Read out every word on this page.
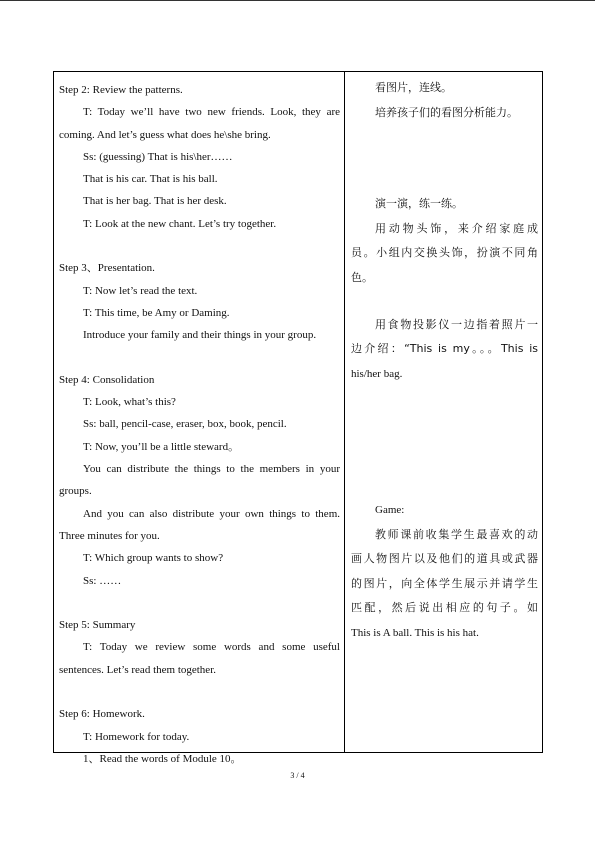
Step 2: Review the patterns.
T: Today we’ll have two new friends. Look, they are
coming. And let’s guess what does he\she bring.
Ss: (guessing) That is his\her……
That is his car. That is his ball.
That is her bag. That is her desk.
T: Look at the new chant. Let’s try together.
Step 3、Presentation.
T: Now let’s read the text.
T: This time, be Amy or Daming.
Introduce your family and their things in your group.
Step 4: Consolidation
T: Look, what’s this?
Ss: ball, pencil-case, eraser, box, book, pencil.
T: Now, you’ll be a little steward。
You can distribute the things to the members in your
groups.
And you can also distribute your own things to them.
Three minutes for you.
T: Which group wants to show?
Ss: ……
Step 5: Summary
T: Today we review some words and some useful
sentences. Let’s read them together.
Step 6: Homework.
T: Homework for today.
1、Read the words of Module 10。
看图片，连线。
培养孩子们的看图分析能力。
演一演，练一练。
用动物头饰，来介绍家庭成
员。小组内交换头饰，扮演不同角
色。
用食物投影仪一边指着照片一
边介绍：“This is my。。。This is
his/her bag.
Game:
教师课前收集学生最喜欢的动
画人物图片以及他们的道具或武器
的图片，向全体学生展示并请学生
匹配，然后说出相应的句子。如
This is A ball. This is his hat.
3 / 4
